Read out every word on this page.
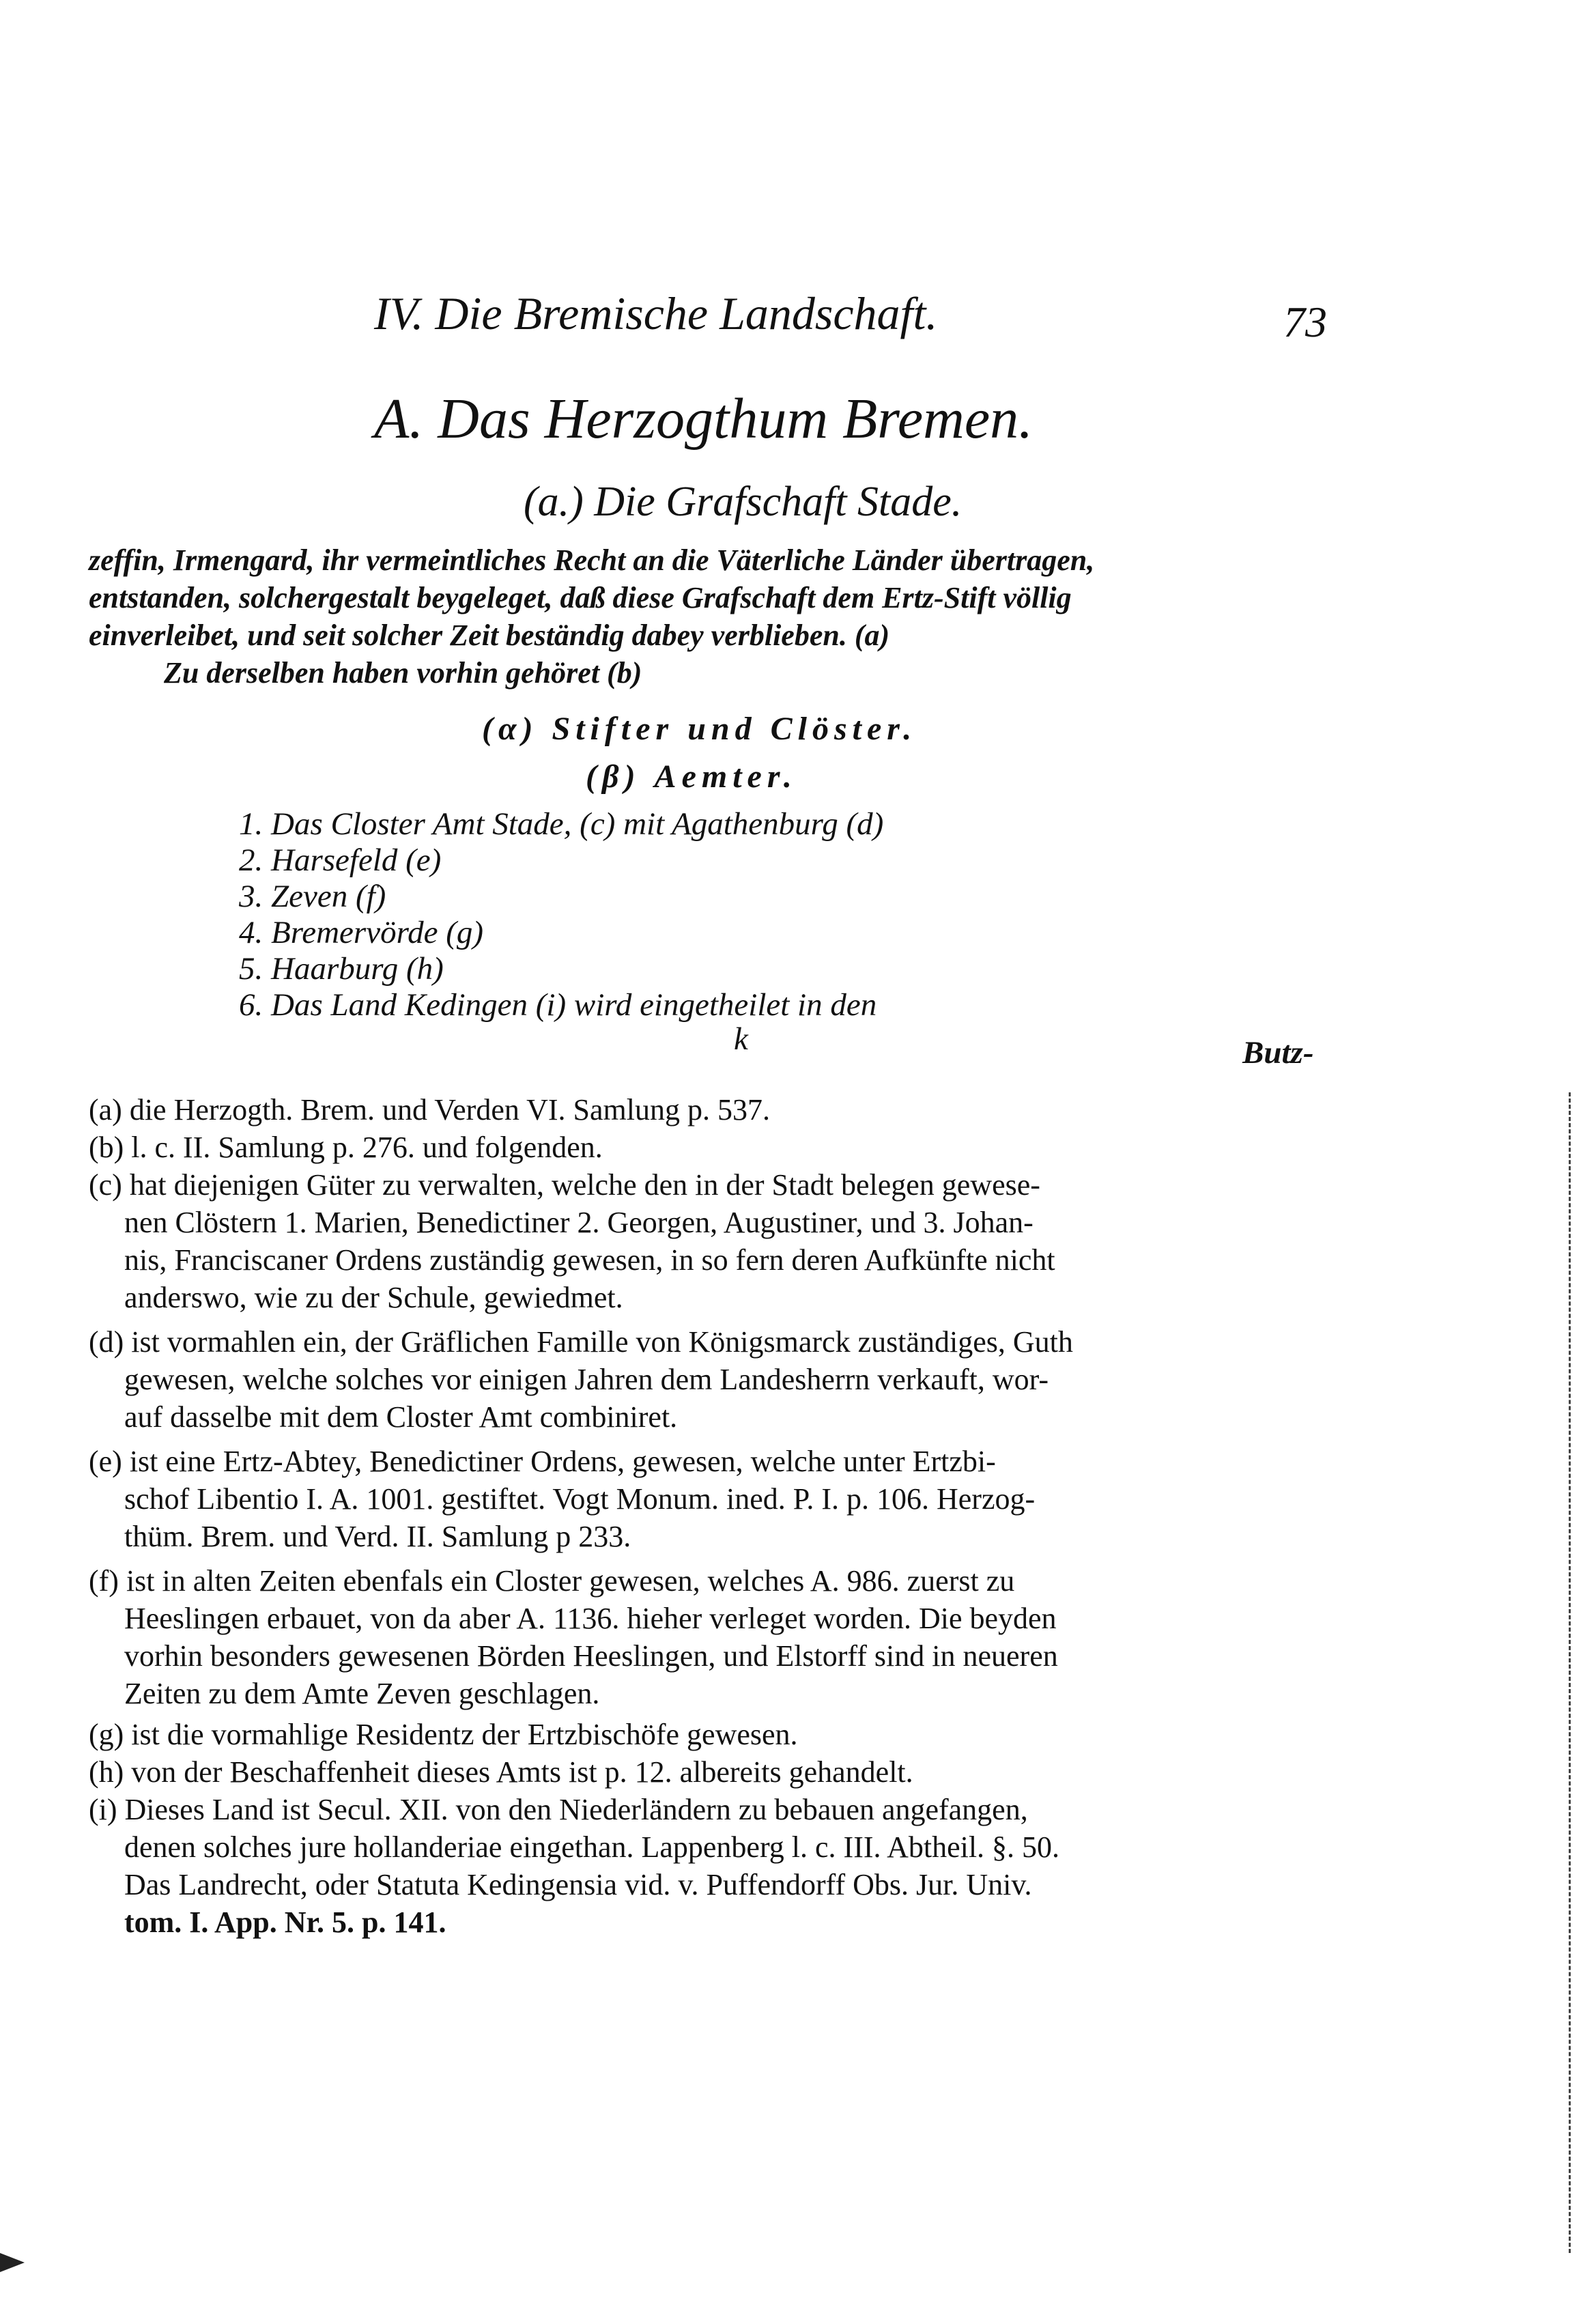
IV. Die Bremische Landschaft.	73
A. Das Herzogthum Bremen.
(a.) Die Grafschaft Stade.
zeffin, Irmengard, ihr vermeintliches Recht an die Väterliche Länder übertragen,
entstanden, solchergestalt beygeleget, daß diese Grafschaft dem Ertz-Stift völlig
einverleibet, und seit solcher Zeit beständig dabey verblieben. (a)
Zu derselben haben vorhin gehöret (b)
(α) Stifter und Clöster.
(β) Aemter.
1. Das Closter Amt Stade, (c) mit Agathenburg (d)
2. Harsefeld (e)
3. Zeven (f)
4. Bremervörde (g)
5. Haarburg (h)
6. Das Land Kedingen (i) wird eingetheilet in den
k	Butz-
(a) die Herzogth. Brem. und Verden VI. Samlung p. 537.
(b) l. c. II. Samlung p. 276. und folgenden.
(c) hat diejenigen Güter zu verwalten, welche den in der Stadt belegen gewese-
nen Clöstern 1. Marien, Benedictiner 2. Georgen, Augustiner, und 3. Johan-
nis, Franciscaner Ordens zuständig gewesen, in so fern deren Aufkünfte nicht
anderswo, wie zu der Schule, gewiedmet.
(d) ist vormahlen ein, der Gräflichen Famille von Königsmarck zuständiges, Guth
gewesen, welche solches vor einigen Jahren dem Landesherrn verkauft, wor-
auf dasselbe mit dem Closter Amt combiniret.
(e) ist eine Ertz-Abtey, Benedictiner Ordens, gewesen, welche unter Ertzbi-
schof Libentio I. A. 1001. gestiftet. Vogt Monum. ined. P. I. p. 106. Herzog-
thüm. Brem. und Verd. II. Samlung p 233.
(f) ist in alten Zeiten ebenfals ein Closter gewesen, welches A. 986. zuerst zu
Heeslingen erbauet, von da aber A. 1136. hieher verleget worden. Die beyden
vorhin besonders gewesenen Börden Heeslingen, und Elstorff sind in neueren
Zeiten zu dem Amte Zeven geschlagen.
(g) ist die vormahlige Residentz der Ertzbischöfe gewesen.
(h) von der Beschaffenheit dieses Amts ist p. 12. albereits gehandelt.
(i) Dieses Land ist Secul. XII. von den Niederländern zu bebauen angefangen,
denen solches jure hollanderiae eingethan. Lappenberg l. c. III. Abtheil. §. 50.
Das Landrecht, oder Statuta Kedingensia vid. v. Puffendorff Obs. Jur. Univ.
tom. I. App. Nr. 5. p. 141.
